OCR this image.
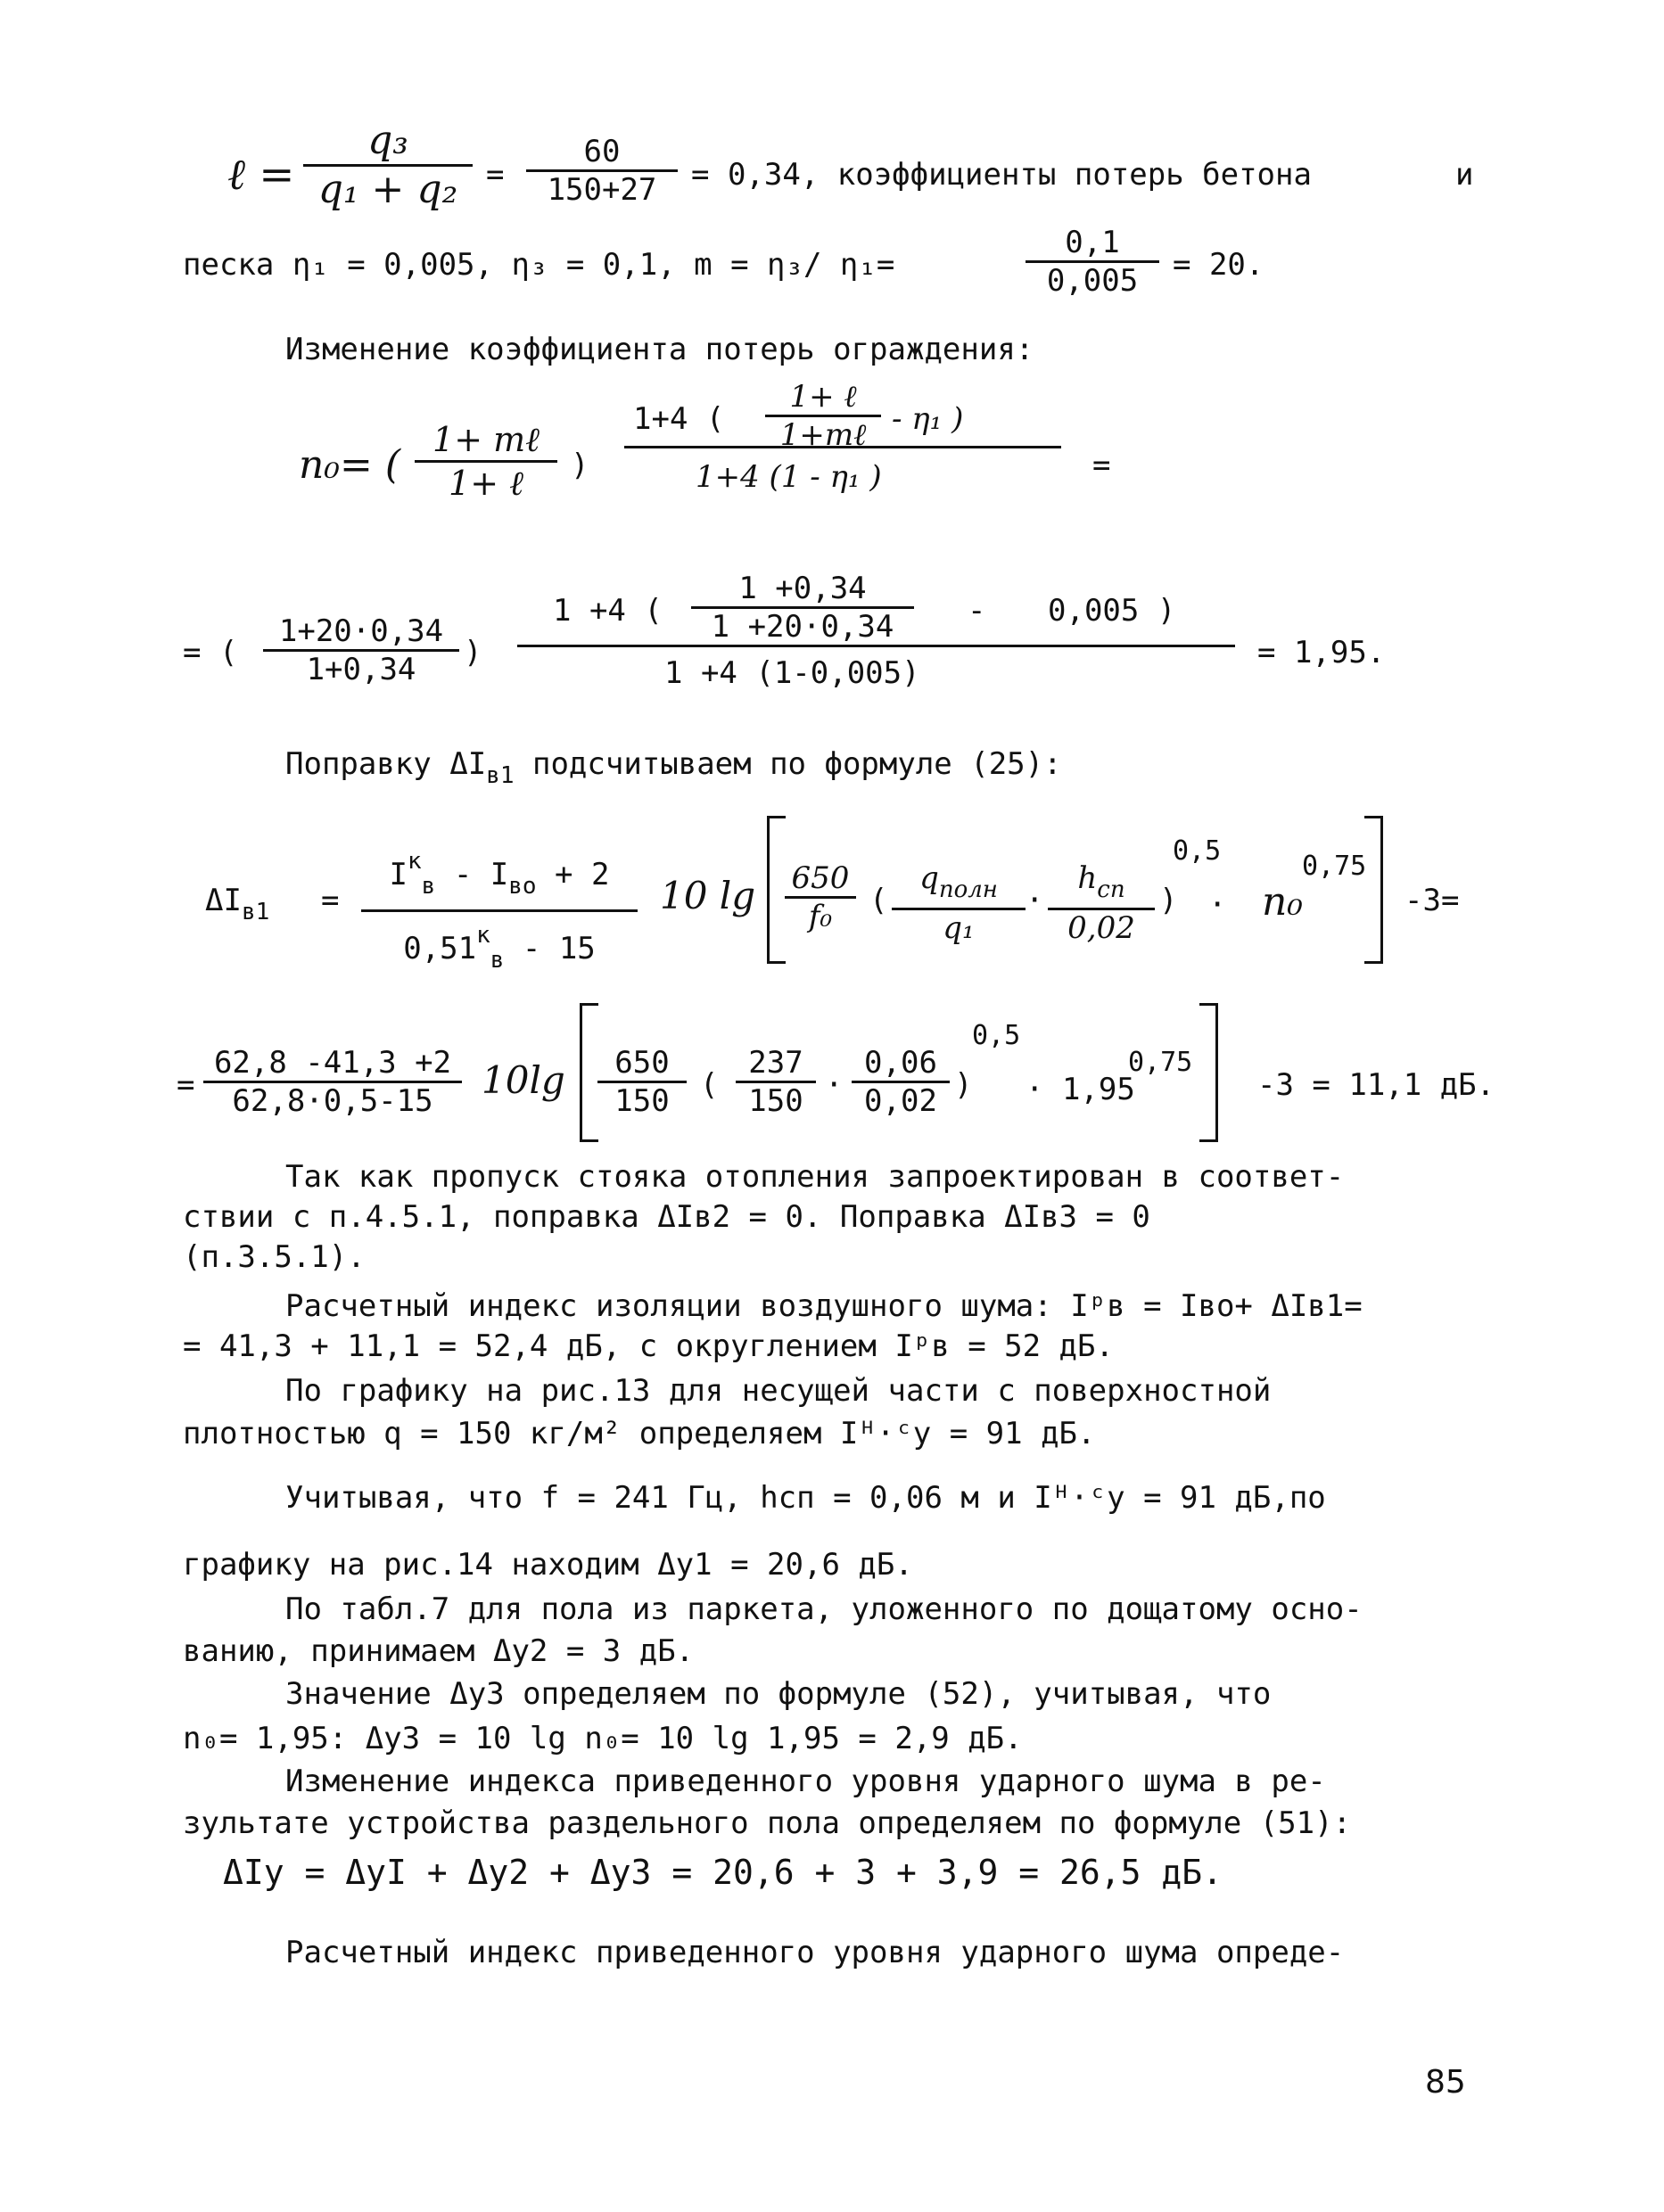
ℓ = $\frac{\text{q₃}}{\text{q₁ + q₂}} = \frac{60}{150+27} = 0,34$, коэффициенты потерь бетона	и
песка η₁ = 0,005, η₃ = 0,1, m = η₃/ η₁=	$\frac{0,1}{0,005} = 20$.
Изменение коэффициента потерь ограждения:
n₀= (
1+ mℓ
1+ ℓ	)
1+4 (
1+ ℓ
1+mℓ - η₁ )
1+4 (1 - η₁ )	=
= ( $\frac{1+20\cdot 0,34}{1+0,34}$ )
1 +4 ( $\frac{1 +0,34}{1 +20\cdot 0,34} - 0,005$ )
1 +4 (1-0,005)
= 1,95.
Поправку $\Delta I_{в1}$ подсчитываем по формуле (25):
$\Delta I_{в1}$ =
$I^к_в - I_{во} + 2$
$0,51^к_в - 15$
10 $\lg \frac{650}{\text{f₀}}$ (
$q_{полн}$
q₁
·
$h_{сп}$
0,02
)
0,5
· n₀
0,75
-3=
= $\frac{62,8 -41,3 +2}{62,8\cdot 0,5-15} 10\lg \frac{650}{150}$ ( $\frac{237}{150} \cdot \frac{0,06}{0,02}$ )
0,5
· 1,95
0,75
-3 = 11,1 дБ.
Так как пропуск стояка отопления запроектирован в соответ-
ствии с п.4.5.1, поправка ΔIв2 = 0. Поправка ΔIв3 = 0
(п.3.5.1).
Расчетный индекс изоляции воздушного шума: Iᵖв = Iво+ ΔIв1=
= 41,3 + 11,1 = 52,4 дБ, с округлением Iᵖв = 52 дБ.
По графику на рис.13 для несущей части с поверхностной
плотностью q = 150 кг/м² определяем Iᴴ·ᶜу = 91 дБ.
Учитывая, что f = 241 Гц, hсп = 0,06 м и Iᴴ·ᶜу = 91 дБ,по
графику на рис.14 находим Δу1 = 20,6 дБ.
По табл.7 для пола из паркета, уложенного по дощатому осно-
ванию, принимаем Δу2 = 3 дБ.
Значение Δу3 определяем по формуле (52), учитывая, что
n₀= 1,95: Δу3 = 10 lg n₀= 10 lg 1,95 = 2,9 дБ.
Изменение индекса приведенного уровня ударного шума в ре-
зультате устройства раздельного пола определяем по формуле (51):
ΔIу = ΔуI + Δу2 + Δу3 = 20,6 + 3 + 3,9 = 26,5 дБ.
Расчетный индекс приведенного уровня ударного шума опреде-
85
